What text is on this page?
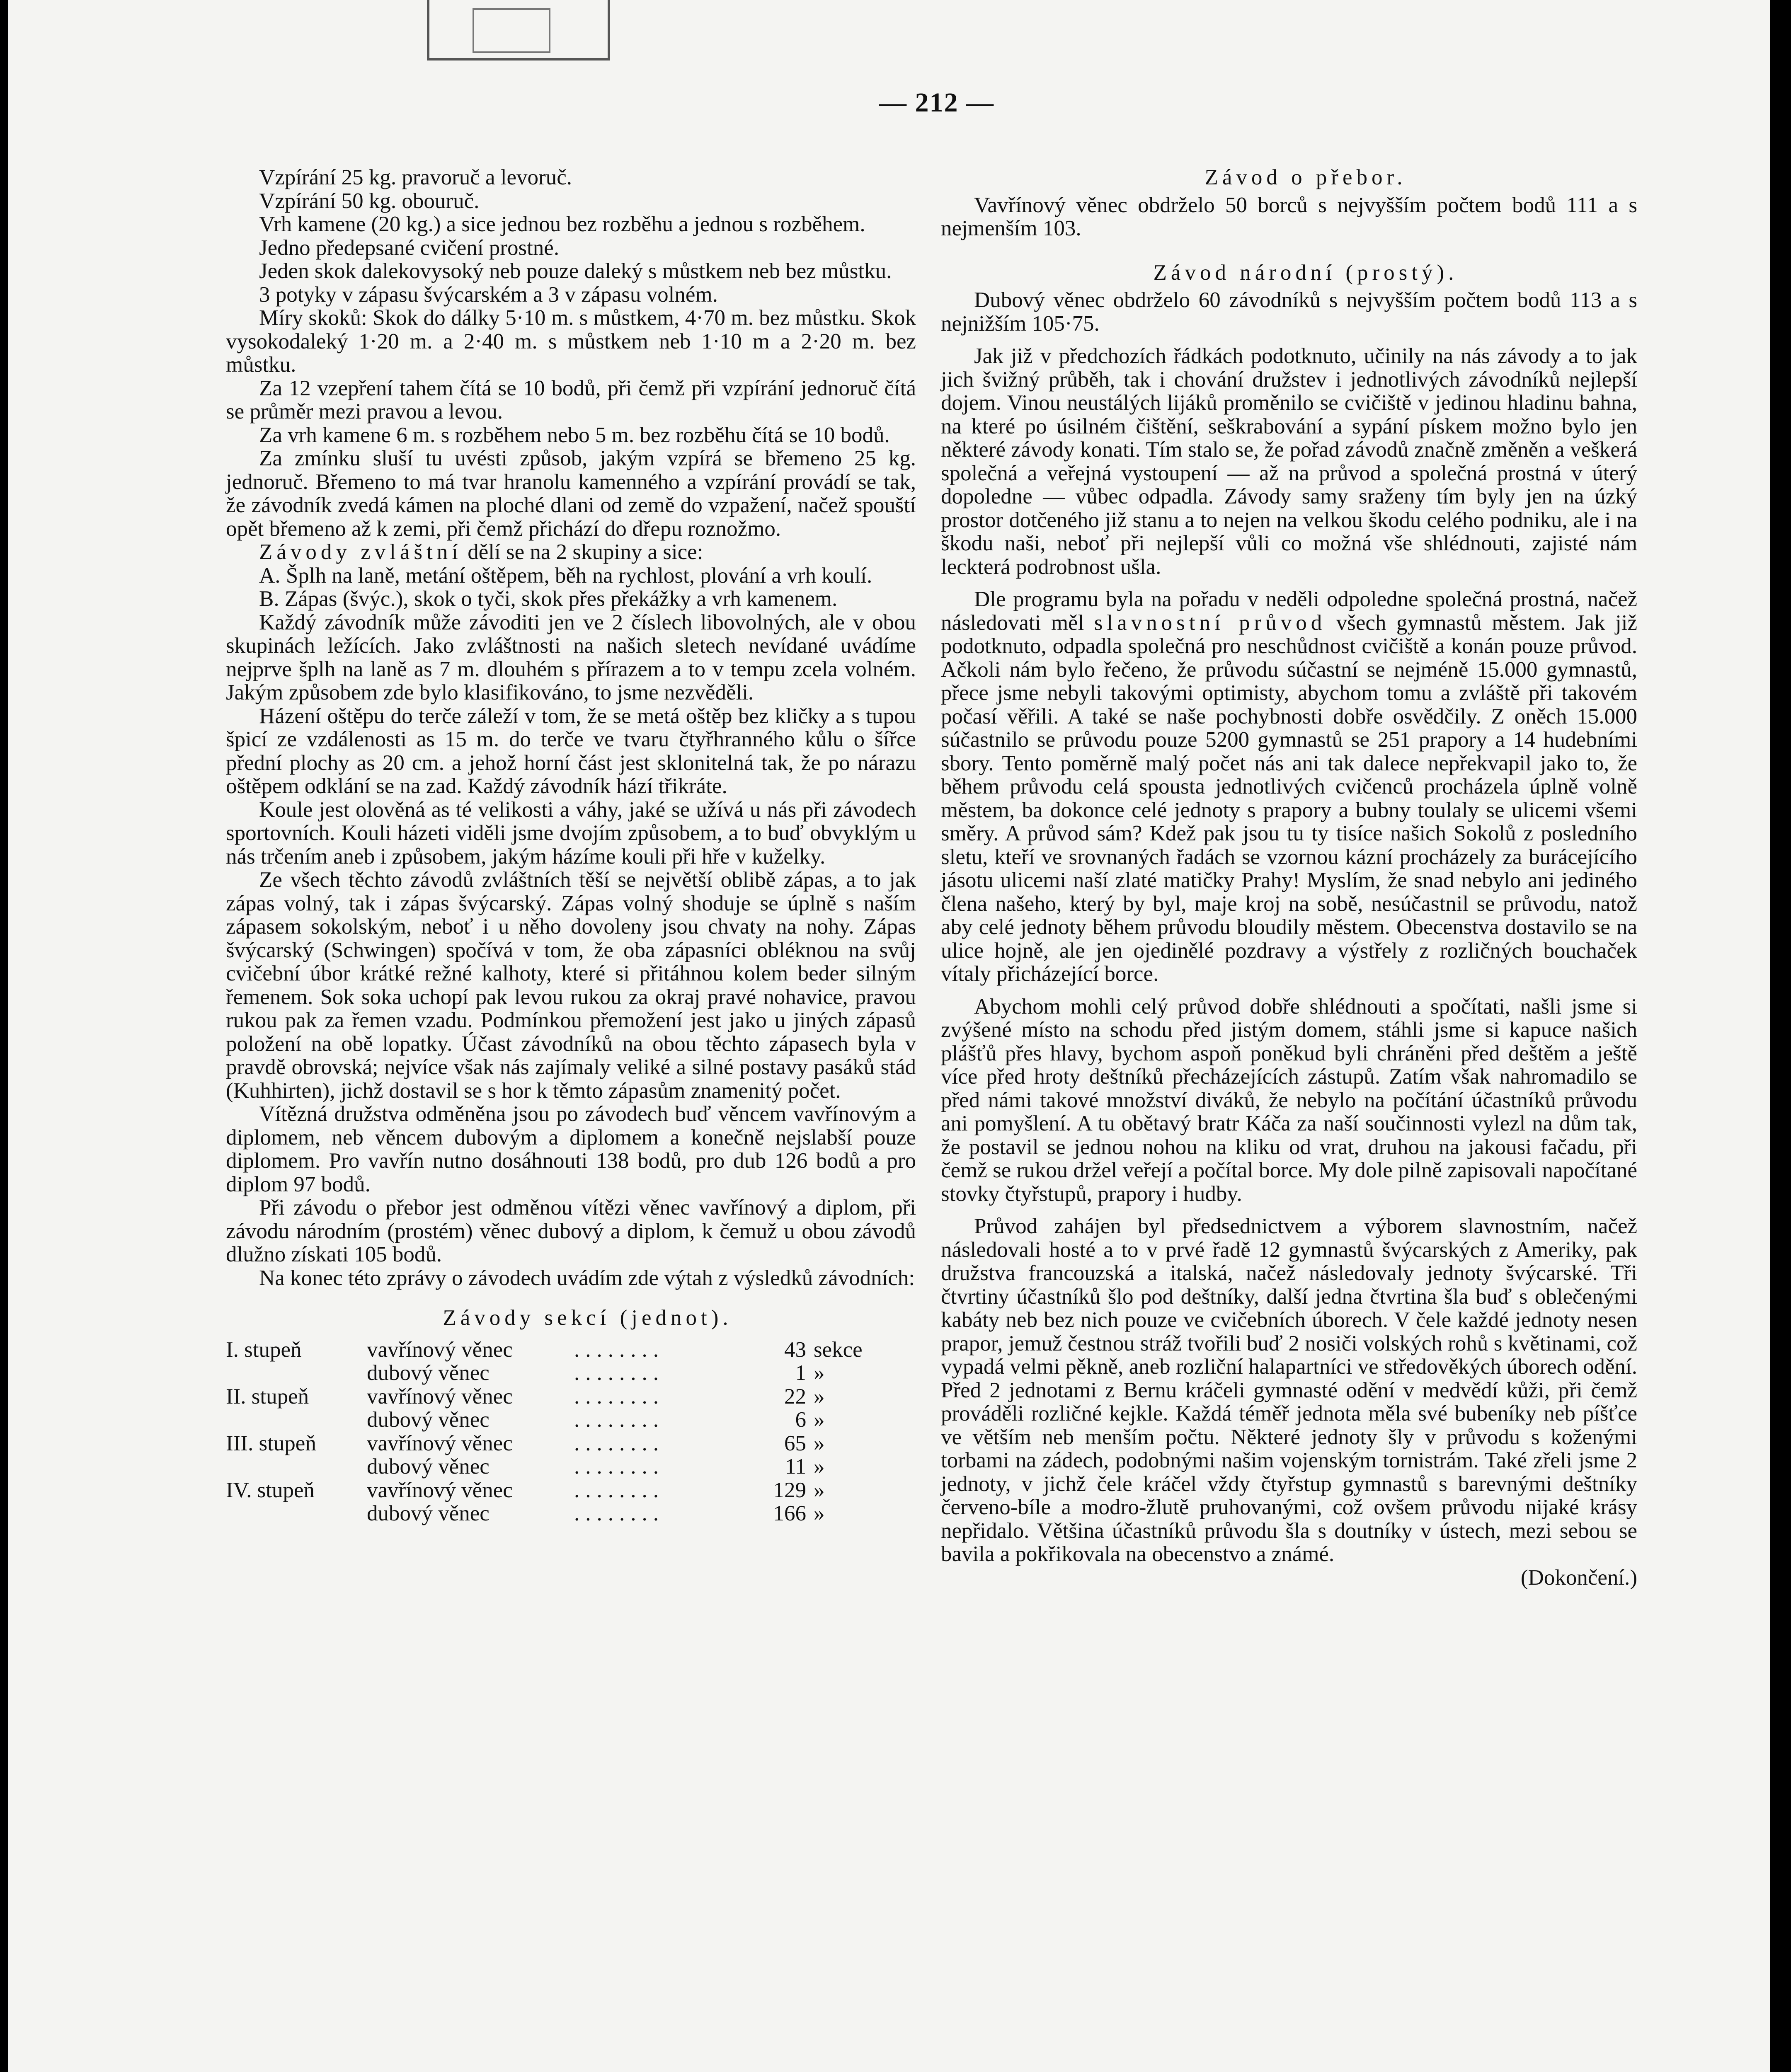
— 212 —

Vzpírání 25 kg. pravoruč a levoruč.

Vzpírání 50 kg. obouruč.

Vrh kamene (20 kg.) a sice jednou bez rozběhu a jednou s rozběhem.

Jedno předepsané cvičení prostné.

Jeden skok dalekovysoký neb pouze daleký s můstkem neb bez můstku.

3 potyky v zápasu švýcarském a 3 v zápasu volném.

Míry skoků: Skok do dálky 5·10 m. s můstkem, 4·70 m. bez můstku. Skok vysokodaleký 1·20 m. a 2·40 m. s můstkem neb 1·10 m a 2·20 m. bez můstku.

Za 12 vzepření tahem čítá se 10 bodů, při čemž při vzpírání jednoruč čítá se průměr mezi pravou a levou.

Za vrh kamene 6 m. s rozběhem nebo 5 m. bez rozběhu čítá se 10 bodů.

Za zmínku sluší tu uvésti způsob, jakým vzpírá se břemeno 25 kg. jednoruč. Břemeno to má tvar hranolu kamenného a vzpírání provádí se tak, že závodník zvedá kámen na ploché dlani od země do vzpažení, načež spouští opět břemeno až k zemi, při čemž přichází do dřepu roznožmo.

Závody zvláštní dělí se na 2 skupiny a sice:

A. Šplh na laně, metání oštěpem, běh na rychlost, plování a vrh koulí.

B. Zápas (švýc.), skok o tyči, skok přes překážky a vrh kamenem.

Každý závodník může závoditi jen ve 2 číslech libovolných, ale v obou skupinách ležících. Jako zvláštnosti na našich sletech nevídané uvádíme nejprve šplh na laně as 7 m. dlouhém s přírazem a to v tempu zcela volném. Jakým způsobem zde bylo klasifikováno, to jsme nezvěděli.

Házení oštěpu do terče záleží v tom, že se metá oštěp bez kličky a s tupou špicí ze vzdálenosti as 15 m. do terče ve tvaru čtyřhranného kůlu o šířce přední plochy as 20 cm. a jehož horní část jest sklonitelná tak, že po nárazu oštěpem odklání se na zad. Každý závodník hází třikráte.

Koule jest olověná as té velikosti a váhy, jaké se užívá u nás při závodech sportovních. Kouli házeti viděli jsme dvojím způsobem, a to buď obvyklým u nás trčením aneb i způsobem, jakým házíme kouli při hře v kuželky.

Ze všech těchto závodů zvláštních těší se největší oblibě zápas, a to jak zápas volný, tak i zápas švýcarský. Zápas volný shoduje se úplně s naším zápasem sokolským, neboť i u něho dovoleny jsou chvaty na nohy. Zápas švýcarský (Schwingen) spočívá v tom, že oba zápasníci obléknou na svůj cvičební úbor krátké režné kalhoty, které si přitáhnou kolem beder silným řemenem. Sok soka uchopí pak levou rukou za okraj pravé nohavice, pravou rukou pak za řemen vzadu. Podmínkou přemožení jest jako u jiných zápasů položení na obě lopatky. Účast závodníků na obou těchto zápasech byla v pravdě obrovská; nejvíce však nás zajímaly veliké a silné postavy pasáků stád (Kuhhirten), jichž dostavil se s hor k těmto zápasům znamenitý počet.

Vítězná družstva odměněna jsou po závodech buď věncem vavřínovým a diplomem, neb věncem dubovým a diplomem a konečně nejslabší pouze diplomem. Pro vavřín nutno dosáhnouti 138 bodů, pro dub 126 bodů a pro diplom 97 bodů.

Při závodu o přebor jest odměnou vítězi věnec vavřínový a diplom, při závodu národním (prostém) věnec dubový a diplom, k čemuž u obou závodů dlužno získati 105 bodů.

Na konec této zprávy o závodech uvádím zde výtah z výsledků závodních:

Závody sekcí (jednot).

I. stupeň	vavřínový věnec	........	43 sekce
dubový věnec	........	1 »
II. stupeň	vavřínový věnec	........	22 »
dubový věnec	........	6 »
III. stupeň	vavřínový věnec	........	65 »
dubový věnec	........	11 »
IV. stupeň	vavřínový věnec	........	129 »
dubový věnec	........	166 »

Závod o přebor.

Vavřínový věnec obdrželo 50 borců s nejvyšším počtem bodů 111 a s nejmenším 103.

Závod národní (prostý).

Dubový věnec obdrželo 60 závodníků s nejvyšším počtem bodů 113 a s nejnižším 105·75.

Jak již v předchozích řádkách podotknuto, učinily na nás závody a to jak jich švižný průběh, tak i chování družstev i jednotlivých závodníků nejlepší dojem. Vinou neustálých lijáků proměnilo se cvičiště v jedinou hladinu bahna, na které po úsilném čištění, seškrabování a sypání pískem možno bylo jen některé závody konati. Tím stalo se, že pořad závodů značně změněn a veškerá společná a veřejná vystoupení — až na průvod a společná prostná v úterý dopoledne — vůbec odpadla. Závody samy sraženy tím byly jen na úzký prostor dotčeného již stanu a to nejen na velkou škodu celého podniku, ale i na škodu naši, neboť při nejlepší vůli co možná vše shlédnouti, zajisté nám leckterá podrobnost ušla.

Dle programu byla na pořadu v neděli odpoledne společná prostná, načež následovati měl slavnostní průvod všech gymnastů městem. Jak již podotknuto, odpadla společná pro neschůdnost cvičiště a konán pouze průvod. Ačkoli nám bylo řečeno, že průvodu súčastní se nejméně 15.000 gymnastů, přece jsme nebyli takovými optimisty, abychom tomu a zvláště při takovém počasí věřili. A také se naše pochybnosti dobře osvědčily. Z oněch 15.000 súčastnilo se průvodu pouze 5200 gymnastů se 251 prapory a 14 hudebními sbory. Tento poměrně malý počet nás ani tak dalece nepřekvapil jako to, že během průvodu celá spousta jednotlivých cvičenců procházela úplně volně městem, ba dokonce celé jednoty s prapory a bubny toulaly se ulicemi všemi směry. A průvod sám? Kdež pak jsou tu ty tisíce našich Sokolů z posledního sletu, kteří ve srovnaných řadách se vzornou kázní procházely za burácejícího jásotu ulicemi naší zlaté matičky Prahy! Myslím, že snad nebylo ani jediného člena našeho, který by byl, maje kroj na sobě, nesúčastnil se průvodu, natož aby celé jednoty během průvodu bloudily městem. Obecenstva dostavilo se na ulice hojně, ale jen ojedinělé pozdravy a výstřely z rozličných bouchaček vítaly přicházející borce.

Abychom mohli celý průvod dobře shlédnouti a spočítati, našli jsme si zvýšené místo na schodu před jistým domem, stáhli jsme si kapuce našich plášťů přes hlavy, bychom aspoň poněkud byli chráněni před deštěm a ještě více před hroty deštníků přecházejících zástupů. Zatím však nahromadilo se před námi takové množství diváků, že nebylo na počítání účastníků průvodu ani pomyšlení. A tu obětavý bratr Káča za naší součinnosti vylezl na dům tak, že postavil se jednou nohou na kliku od vrat, druhou na jakousi fačadu, při čemž se rukou držel veřejí a počítal borce. My dole pilně zapisovali napočítané stovky čtyřstupů, prapory i hudby.

Průvod zahájen byl předsednictvem a výborem slavnostním, načež následovali hosté a to v prvé řadě 12 gymnastů švýcarských z Ameriky, pak družstva francouzská a italská, načež následovaly jednoty švýcarské. Tři čtvrtiny účastníků šlo pod deštníky, další jedna čtvrtina šla buď s oblečenými kabáty neb bez nich pouze ve cvičebních úborech. V čele každé jednoty nesen prapor, jemuž čestnou stráž tvořili buď 2 nosiči volských rohů s květinami, což vypadá velmi pěkně, aneb rozliční halapartníci ve středověkých úborech odění. Před 2 jednotami z Bernu kráčeli gymnasté odění v medvědí kůži, při čemž prováděli rozličné kejkle. Každá téměř jednota měla své bubeníky neb píšťce ve větším neb menším počtu. Některé jednoty šly v průvodu s koženými torbami na zádech, podobnými našim vojenským tornistrám. Také zřeli jsme 2 jednoty, v jichž čele kráčel vždy čtyřstup gymnastů s barevnými deštníky červeno-bíle a modro-žlutě pruhovanými, což ovšem průvodu nijaké krásy nepřidalo. Většina účastníků průvodu šla s doutníky v ústech, mezi sebou se bavila a pokřikovala na obecenstvo a známé.

(Dokončení.)
